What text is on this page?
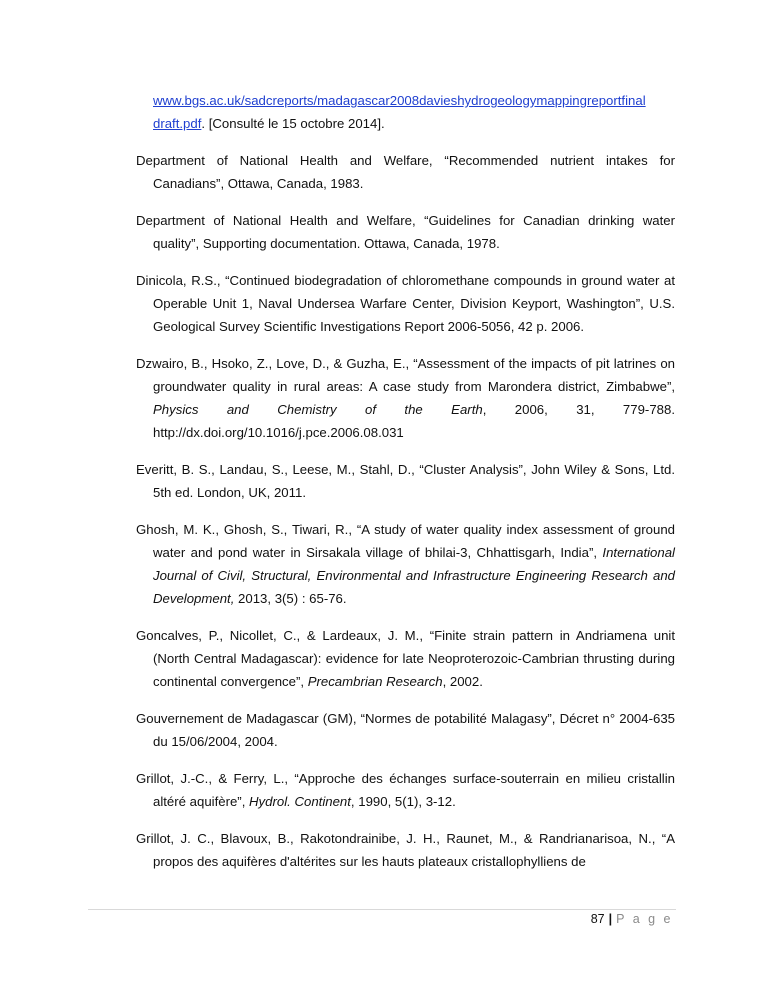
www.bgs.ac.uk/sadcreports/madagascar2008davieshydrogeologymappingreportfinal
draft.pdf. [Consulté le 15 octobre 2014].

Department of National Health and Welfare, “Recommended nutrient intakes for Canadians”, Ottawa, Canada, 1983.

Department of National Health and Welfare, “Guidelines for Canadian drinking water quality”, Supporting documentation. Ottawa, Canada, 1978.

Dinicola, R.S., “Continued biodegradation of chloromethane compounds in ground water at Operable Unit 1, Naval Undersea Warfare Center, Division Keyport, Washington”, U.S. Geological Survey Scientific Investigations Report 2006-5056, 42 p. 2006.

Dzwairo, B., Hsoko, Z., Love, D., & Guzha, E., “Assessment of the impacts of pit latrines on groundwater quality in rural areas: A case study from Marondera district, Zimbabwe”, Physics and Chemistry of the Earth, 2006, 31, 779-788. http://dx.doi.org/10.1016/j.pce.2006.08.031

Everitt, B. S., Landau, S., Leese, M., Stahl, D., “Cluster Analysis”, John Wiley & Sons, Ltd. 5th ed. London, UK, 2011.

Ghosh, M. K., Ghosh, S., Tiwari, R., “A study of water quality index assessment of ground water and pond water in Sirsakala village of bhilai-3, Chhattisgarh, India”, International Journal of Civil, Structural, Environmental and Infrastructure Engineering Research and Development, 2013, 3(5) : 65-76.

Goncalves, P., Nicollet, C., & Lardeaux, J. M., “Finite strain pattern in Andriamena unit (North Central Madagascar): evidence for late Neoproterozoic-Cambrian thrusting during continental convergence”, Precambrian Research, 2002.

Gouvernement de Madagascar (GM), “Normes de potabilité Malagasy”, Décret n° 2004-635 du 15/06/2004, 2004.

Grillot, J.-C., & Ferry, L., “Approche des échanges surface-souterrain en milieu cristallin altéré aquifère”, Hydrol. Continent, 1990, 5(1), 3-12.

Grillot, J. C., Blavoux, B., Rakotondrainibe, J. H., Raunet, M., & Randrianarisoa, N., “A propos des aquifères d'altérites sur les hauts plateaux cristallophylliens de

87 | P a g e
